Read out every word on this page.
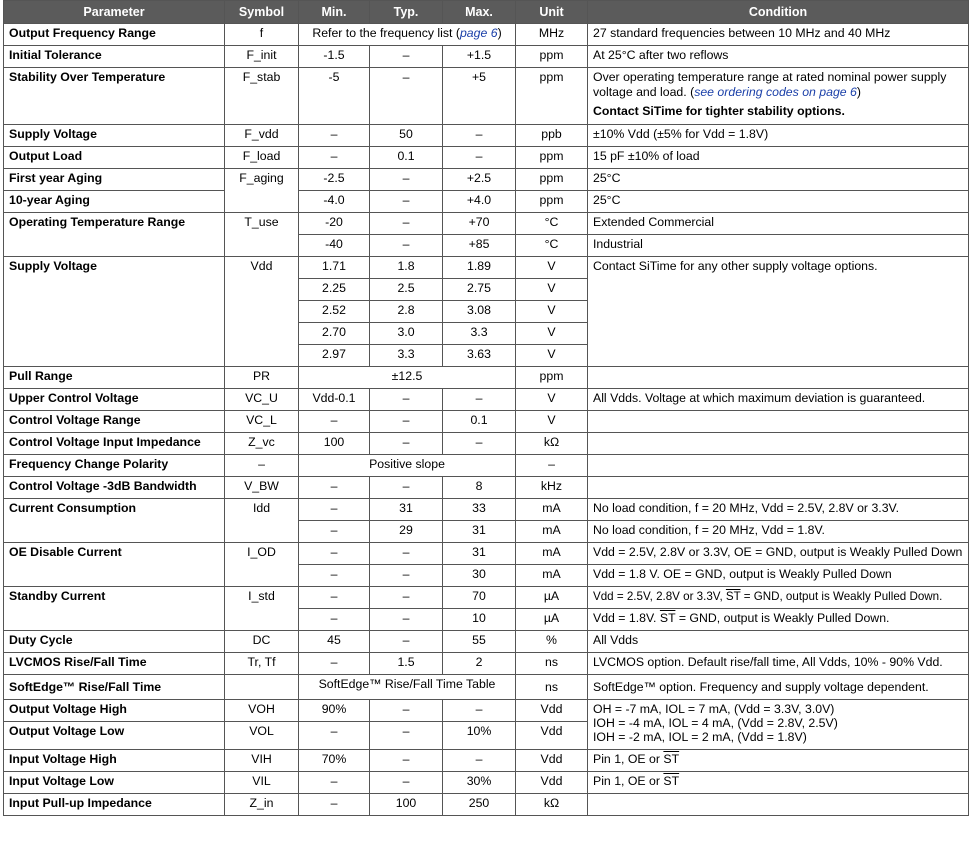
Parameter	Symbol	Min.	Typ.	Max.	Unit	Condition
Output Frequency Range	f	Refer to the frequency list (page 6)			MHz	27 standard frequencies between 10 MHz and 40 MHz
Initial Tolerance	F_init	-1.5	–	+1.5	ppm	At 25°C after two reflows
Stability Over Temperature	F_stab	-5	–	+5	ppm	Over operating temperature range at rated nominal power supply voltage and load. (see ordering codes on page 6)
Contact SiTime for tighter stability options.

Supply Voltage	F_vdd	–	50	–	ppb	±10% Vdd (±5% for Vdd = 1.8V)
Output Load	F_load	–	0.1	–	ppm	15 pF ±10% of load
First year Aging	F_aging	-2.5	–	+2.5	ppm	25°C
10-year Aging		-4.0	–	+4.0	ppm	25°C
Operating Temperature Range	T_use	-20	–	+70	°C	Extended Commercial
		-40	–	+85	°C	Industrial
Supply Voltage	Vdd	1.71	1.8	1.89	V	Contact SiTime for any other supply voltage options.
		2.25	2.5	2.75	V	
		2.52	2.8	3.08	V	
		2.70	3.0	3.3	V	
		2.97	3.3	3.63	V	
Pull Range	PR	±12.5			ppm	
Upper Control Voltage	VC_U	Vdd-0.1	–	–	V	All Vdds. Voltage at which maximum deviation is guaranteed.
Control Voltage Range	VC_L	–	–	0.1	V	
Control Voltage Input Impedance	Z_vc	100	–	–	kΩ	
Frequency Change Polarity	–	Positive slope			–	
Control Voltage -3dB Bandwidth	V_BW	–	–	8	kHz	
Current Consumption	Idd	–	31	33	mA	No load condition, f = 20 MHz, Vdd = 2.5V, 2.8V or 3.3V.
		–	29	31	mA	No load condition, f = 20 MHz, Vdd = 1.8V.
OE Disable Current	I_OD	–	–	31	mA	Vdd = 2.5V, 2.8V or 3.3V, OE = GND, output is Weakly Pulled Down
		–	–	30	mA	Vdd = 1.8 V. OE = GND, output is Weakly Pulled Down
Standby Current	I_std	–	–	70	µA	Vdd = 2.5V, 2.8V or 3.3V, $\overline{ST}$ = GND, output is Weakly Pulled Down.
		–	–	10	µA	Vdd = 1.8V. $\overline{ST}$ = GND, output is Weakly Pulled Down.
Duty Cycle	DC	45	–	55	%	All Vdds
LVCMOS Rise/Fall Time	Tr, Tf	–	1.5	2	ns	LVCMOS option. Default rise/fall time, All Vdds, 10% - 90% Vdd.
SoftEdge™ Rise/Fall Time		SoftEdge™ Rise/Fall Time Table			ns	SoftEdge™ option. Frequency and supply voltage dependent.
Output Voltage High	VOH	90%	–	–	Vdd	OH = -7 mA, IOL = 7 mA, (Vdd = 3.3V, 3.0V)
IOH = -4 mA, IOL = 4 mA, (Vdd = 2.8V, 2.5V)
IOH = -2 mA, IOL = 2 mA, (Vdd = 1.8V)

Output Voltage Low	VOL	–	–	10%	Vdd	
Input Voltage High	VIH	70%	–	–	Vdd	Pin 1, OE or $\overline{ST}$
Input Voltage Low	VIL	–	–	30%	Vdd	Pin 1, OE or $\overline{ST}$
Input Pull-up Impedance	Z_in	–	100	250	kΩ	
